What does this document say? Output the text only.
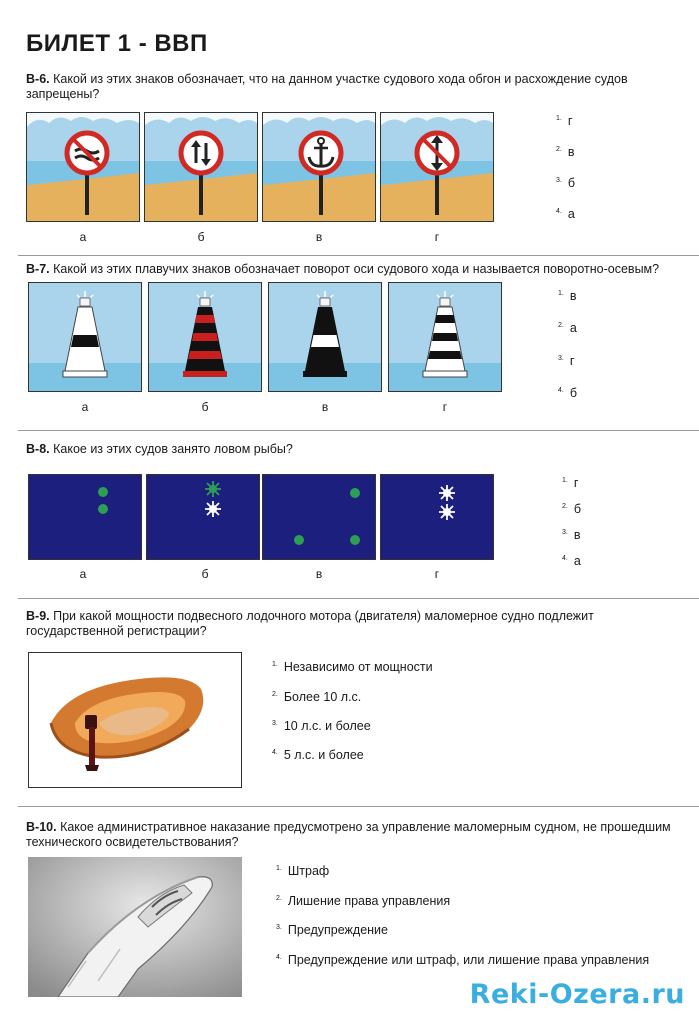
БИЛЕТ 1 - ВВП
В-6. Какой из этих знаков обозначает, что на данном участке судового хода обгон и расхождение судов запрещены?
а	б	в	г
$^{1.}$ г
$^{2.}$ в
$^{3.}$ б
$^{4.}$ а
В-7. Какой из этих плавучих знаков обозначает поворот оси судового хода и называется поворотно-осевым?
а	б	в	г
$^{1.}$ в
$^{2.}$ а
$^{3.}$ г
$^{4.}$ б
В-8. Какое из этих судов занято ловом рыбы?
а	б	в	г
$^{1.}$ г
$^{2.}$ б
$^{3.}$ в
$^{4.}$ а
В-9. При какой мощности подвесного лодочного мотора (двигателя) маломерное судно подлежит государственной регистрации?
$^{1.}$ Независимо от мощности
$^{2.}$ Более 10 л.с.
$^{3.}$ 10 л.с. и более
$^{4.}$ 5 л.с. и более
В-10. Какое административное наказание предусмотрено за управление маломерным судном, не прошедшим технического освидетельствования?
$^{1.}$ Штраф
$^{2.}$ Лишение права управления
$^{3.}$ Предупреждение
$^{4.}$ Предупреждение или штраф, или лишение права управления
Reki-Ozera.ru
